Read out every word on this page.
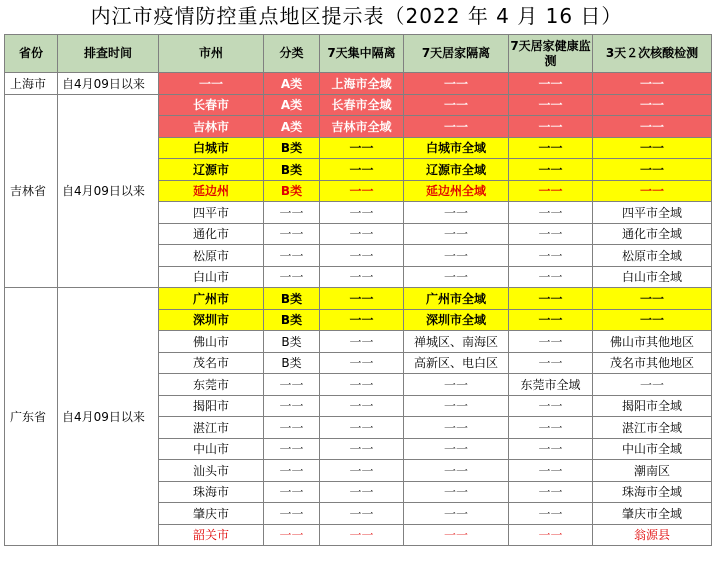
内江市疫情防控重点地区提示表（2022 年 4 月 16 日）
省份	排查时间	市州	分类	7天集中隔离	7天居家隔离	7天居家健康监测	3天２次核酸检测
上海市	自4月09日以来	一一	A类	上海市全域	一一	一一	一一
吉林省	自4月09日以来	长春市	A类	长春市全域	一一	一一	一一
		吉林市	A类	吉林市全域	一一	一一	一一
		白城市	B类	一一	白城市全域	一一	一一
		辽源市	B类	一一	辽源市全域	一一	一一
		延边州	B类	一一	延边州全域	一一	一一
		四平市	一一	一一	一一	一一	四平市全域
		通化市	一一	一一	一一	一一	通化市全域
		松原市	一一	一一	一一	一一	松原市全域
		白山市	一一	一一	一一	一一	白山市全域
广东省	自4月09日以来	广州市	B类	一一	广州市全域	一一	一一
		深圳市	B类	一一	深圳市全域	一一	一一
		佛山市	B类	一一	禅城区、南海区	一一	佛山市其他地区
		茂名市	B类	一一	高新区、电白区	一一	茂名市其他地区
		东莞市	一一	一一	一一	东莞市全域	一一
		揭阳市	一一	一一	一一	一一	揭阳市全域
		湛江市	一一	一一	一一	一一	湛江市全域
		中山市	一一	一一	一一	一一	中山市全域
		汕头市	一一	一一	一一	一一	潮南区
		珠海市	一一	一一	一一	一一	珠海市全域
		肇庆市	一一	一一	一一	一一	肇庆市全域
		韶关市	一一	一一	一一	一一	翁源县
